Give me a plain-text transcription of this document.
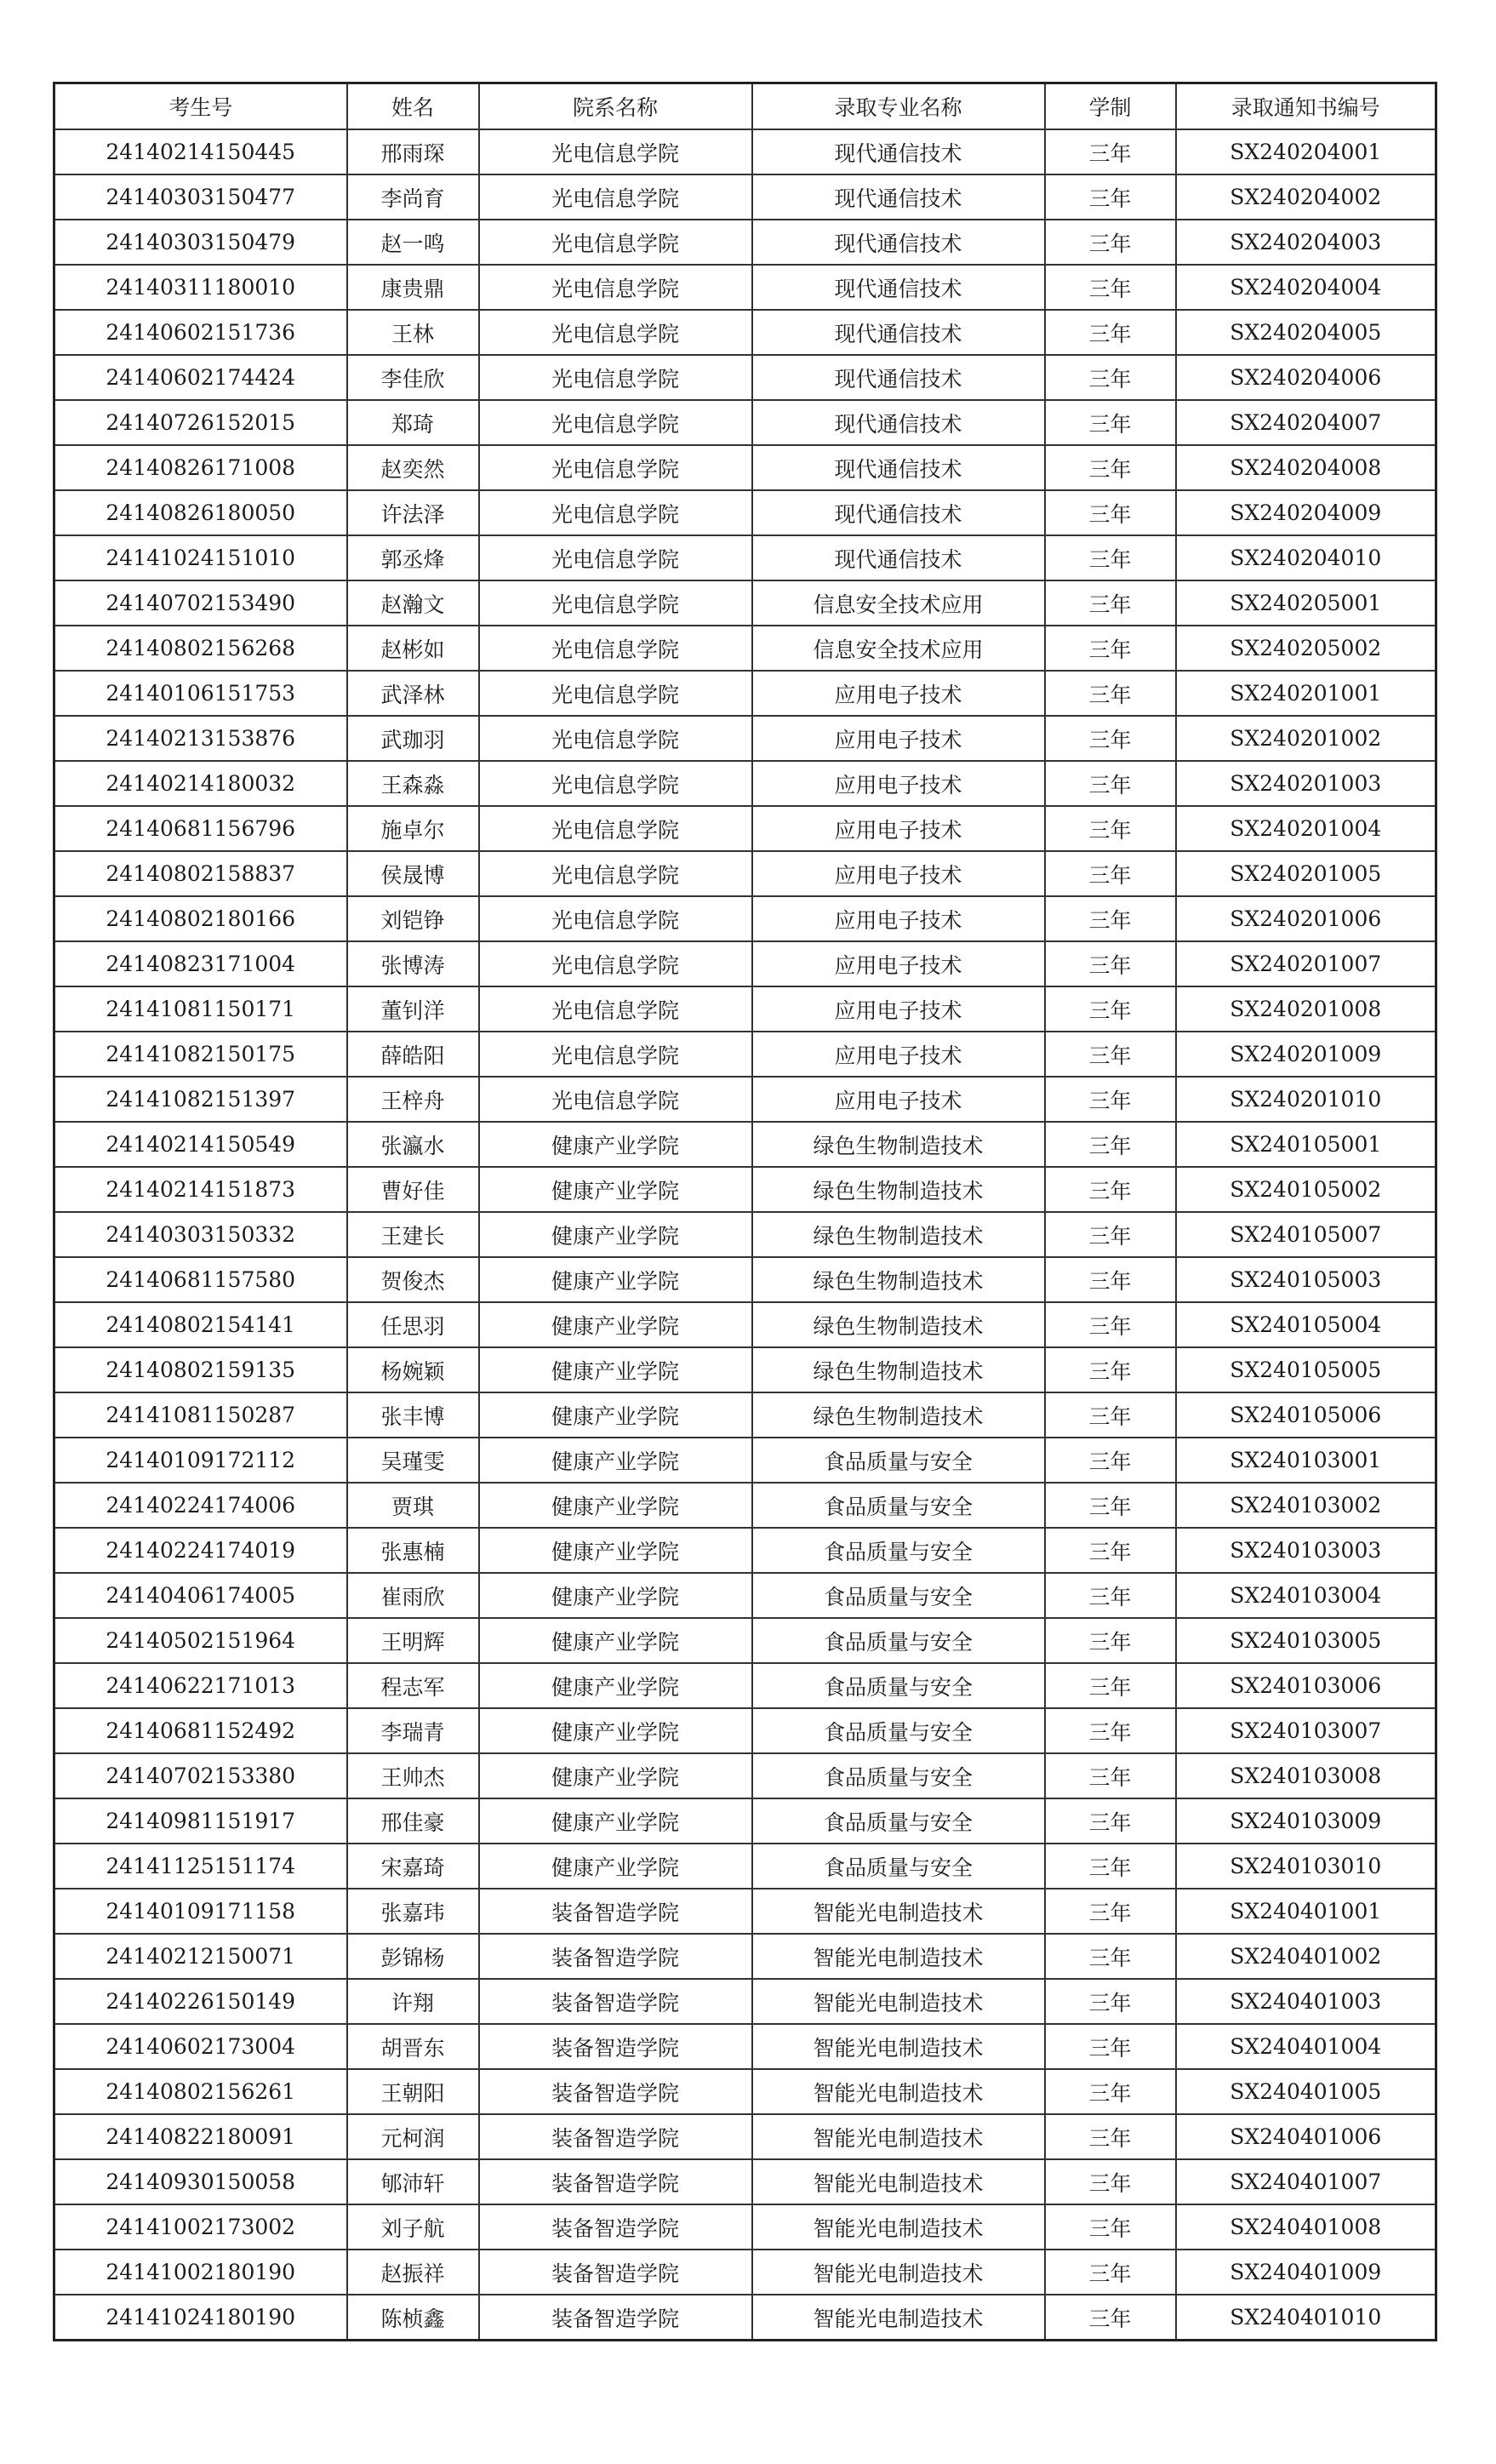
考生号	姓名	院系名称	录取专业名称	学制	录取通知书编号
24140214150445	邢雨琛	光电信息学院	现代通信技术	三年	SX240204001
24140303150477	李尚育	光电信息学院	现代通信技术	三年	SX240204002
24140303150479	赵一鸣	光电信息学院	现代通信技术	三年	SX240204003
24140311180010	康贵鼎	光电信息学院	现代通信技术	三年	SX240204004
24140602151736	王林	光电信息学院	现代通信技术	三年	SX240204005
24140602174424	李佳欣	光电信息学院	现代通信技术	三年	SX240204006
24140726152015	郑琦	光电信息学院	现代通信技术	三年	SX240204007
24140826171008	赵奕然	光电信息学院	现代通信技术	三年	SX240204008
24140826180050	许法泽	光电信息学院	现代通信技术	三年	SX240204009
24141024151010	郭丞烽	光电信息学院	现代通信技术	三年	SX240204010
24140702153490	赵瀚文	光电信息学院	信息安全技术应用	三年	SX240205001
24140802156268	赵彬如	光电信息学院	信息安全技术应用	三年	SX240205002
24140106151753	武泽林	光电信息学院	应用电子技术	三年	SX240201001
24140213153876	武珈羽	光电信息学院	应用电子技术	三年	SX240201002
24140214180032	王森淼	光电信息学院	应用电子技术	三年	SX240201003
24140681156796	施卓尔	光电信息学院	应用电子技术	三年	SX240201004
24140802158837	侯晟博	光电信息学院	应用电子技术	三年	SX240201005
24140802180166	刘铠铮	光电信息学院	应用电子技术	三年	SX240201006
24140823171004	张博涛	光电信息学院	应用电子技术	三年	SX240201007
24141081150171	董钊洋	光电信息学院	应用电子技术	三年	SX240201008
24141082150175	薛皓阳	光电信息学院	应用电子技术	三年	SX240201009
24141082151397	王梓舟	光电信息学院	应用电子技术	三年	SX240201010
24140214150549	张瀛水	健康产业学院	绿色生物制造技术	三年	SX240105001
24140214151873	曹好佳	健康产业学院	绿色生物制造技术	三年	SX240105002
24140303150332	王建长	健康产业学院	绿色生物制造技术	三年	SX240105007
24140681157580	贺俊杰	健康产业学院	绿色生物制造技术	三年	SX240105003
24140802154141	任思羽	健康产业学院	绿色生物制造技术	三年	SX240105004
24140802159135	杨婉颖	健康产业学院	绿色生物制造技术	三年	SX240105005
24141081150287	张丰博	健康产业学院	绿色生物制造技术	三年	SX240105006
24140109172112	吴瑾雯	健康产业学院	食品质量与安全	三年	SX240103001
24140224174006	贾琪	健康产业学院	食品质量与安全	三年	SX240103002
24140224174019	张惠楠	健康产业学院	食品质量与安全	三年	SX240103003
24140406174005	崔雨欣	健康产业学院	食品质量与安全	三年	SX240103004
24140502151964	王明辉	健康产业学院	食品质量与安全	三年	SX240103005
24140622171013	程志军	健康产业学院	食品质量与安全	三年	SX240103006
24140681152492	李瑞青	健康产业学院	食品质量与安全	三年	SX240103007
24140702153380	王帅杰	健康产业学院	食品质量与安全	三年	SX240103008
24140981151917	邢佳豪	健康产业学院	食品质量与安全	三年	SX240103009
24141125151174	宋嘉琦	健康产业学院	食品质量与安全	三年	SX240103010
24140109171158	张嘉玮	装备智造学院	智能光电制造技术	三年	SX240401001
24140212150071	彭锦杨	装备智造学院	智能光电制造技术	三年	SX240401002
24140226150149	许翔	装备智造学院	智能光电制造技术	三年	SX240401003
24140602173004	胡晋东	装备智造学院	智能光电制造技术	三年	SX240401004
24140802156261	王朝阳	装备智造学院	智能光电制造技术	三年	SX240401005
24140822180091	元柯润	装备智造学院	智能光电制造技术	三年	SX240401006
24140930150058	郇沛轩	装备智造学院	智能光电制造技术	三年	SX240401007
24141002173002	刘子航	装备智造学院	智能光电制造技术	三年	SX240401008
24141002180190	赵振祥	装备智造学院	智能光电制造技术	三年	SX240401009
24141024180190	陈桢鑫	装备智造学院	智能光电制造技术	三年	SX240401010
